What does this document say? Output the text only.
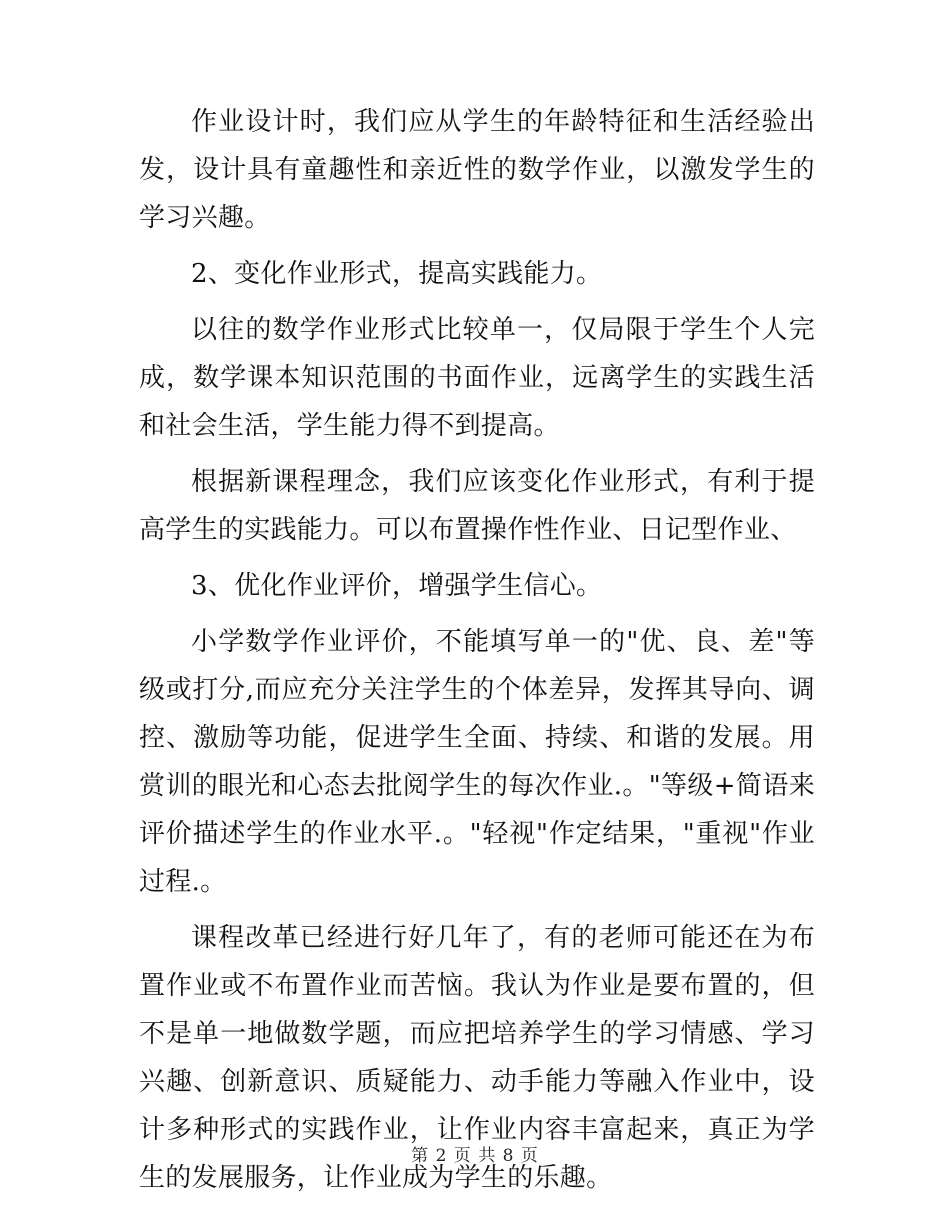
作业设计时，我们应从学生的年龄特征和生活经验出发，设计具有童趣性和亲近性的数学作业，以激发学生的学习兴趣。

2、变化作业形式，提高实践能力。

以往的数学作业形式比较单一，仅局限于学生个人完成，数学课本知识范围的书面作业，远离学生的实践生活和社会生活，学生能力得不到提高。

根据新课程理念，我们应该变化作业形式，有利于提高学生的实践能力。可以布置操作性作业、日记型作业、

3、优化作业评价，增强学生信心。

小学数学作业评价，不能填写单一的"优、良、差"等级或打分,而应充分关注学生的个体差异，发挥其导向、调控、激励等功能，促进学生全面、持续、和谐的发展。用赏训的眼光和心态去批阅学生的每次作业.。"等级+简语来评价描述学生的作业水平.。"轻视"作定结果，"重视"作业过程.。

课程改革已经进行好几年了，有的老师可能还在为布置作业或不布置作业而苦恼。我认为作业是要布置的，但不是单一地做数学题，而应把培养学生的学习情感、学习兴趣、创新意识、质疑能力、动手能力等融入作业中，设计多种形式的实践作业，让作业内容丰富起来，真正为学生的发展服务，让作业成为学生的乐趣。

第 2 页 共 8 页
